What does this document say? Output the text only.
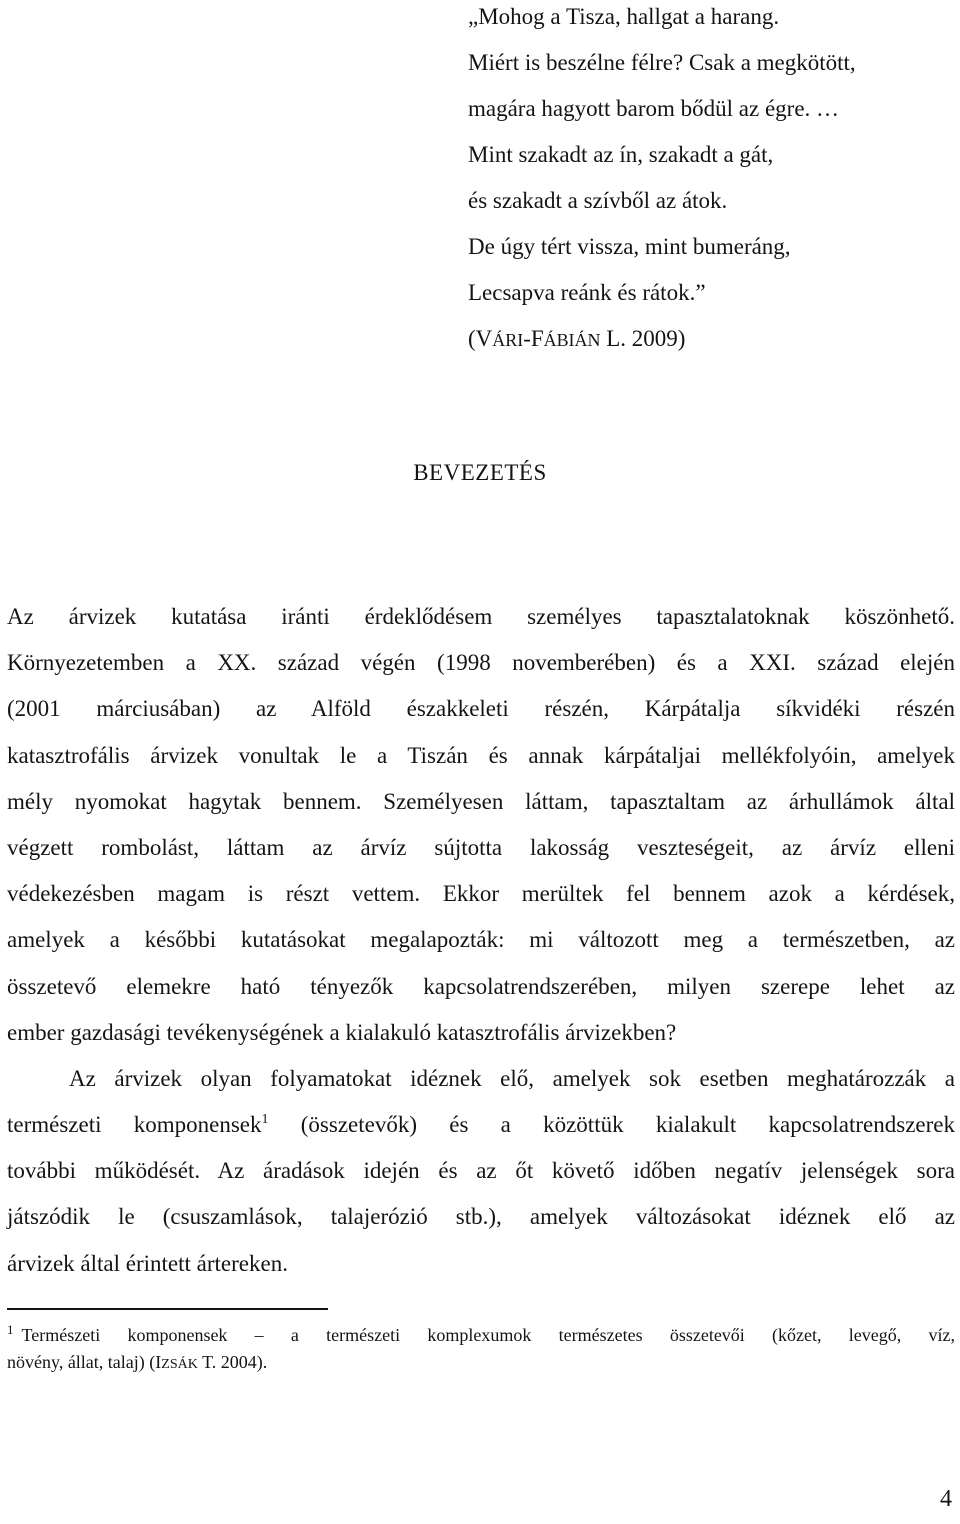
„Mohog a Tisza, hallgat a harang.
Miért is beszélne félre? Csak a megkötött,
magára hagyott barom bődül az égre. …
Mint szakadt az ín, szakadt a gát,
és szakadt a szívből az átok.
De úgy tért vissza, mint bumeráng,
Lecsapva reánk és rátok.”
(VÁRI-FÁBIÁN L. 2009)
BEVEZETÉS
Az árvizek kutatása iránti érdeklődésem személyes tapasztalatoknak köszönhető.
Környezetemben a XX. század végén (1998 novemberében) és a XXI. század elején
(2001 márciusában) az Alföld északkeleti részén, Kárpátalja síkvidéki részén
katasztrofális árvizek vonultak le a Tiszán és annak kárpátaljai mellékfolyóin, amelyek
mély nyomokat hagytak bennem. Személyesen láttam, tapasztaltam az árhullámok által
végzett rombolást, láttam az árvíz sújtotta lakosság veszteségeit, az árvíz elleni
védekezésben magam is részt vettem. Ekkor merültek fel bennem azok a kérdések,
amelyek a későbbi kutatásokat megalapozták: mi változott meg a természetben, az
összetevő elemekre ható tényezők kapcsolatrendszerében, milyen szerepe lehet az
ember gazdasági tevékenységének a kialakuló katasztrofális árvizekben?
Az árvizek olyan folyamatokat idéznek elő, amelyek sok esetben meghatározzák a
természeti komponensek$^1$ (összetevők) és a közöttük kialakult kapcsolatrendszerek
további működését. Az áradások idején és az őt követő időben negatív jelenségek sora
játszódik le (csuszamlások, talajerózió stb.), amelyek változásokat idéznek elő az
árvizek által érintett ártereken.
$^1$ Természeti komponensek – a természeti komplexumok természetes összetevői (kőzet, levegő, víz,
növény, állat, talaj) (IZSÁK T. 2004).
4
